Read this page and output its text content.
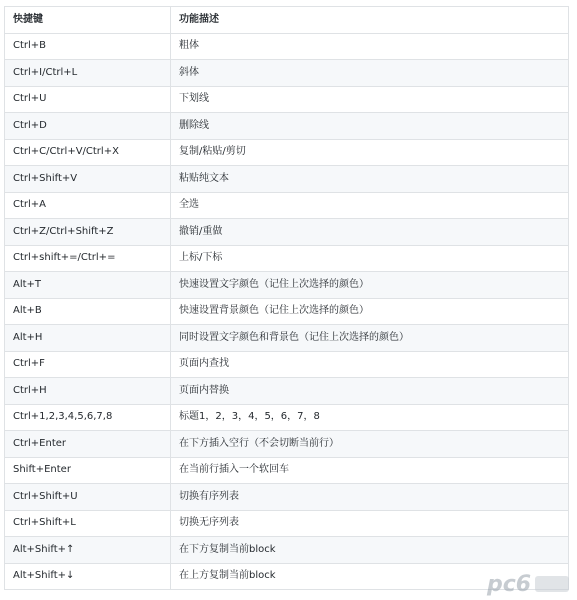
快捷键	功能描述
Ctrl+B	粗体
Ctrl+I/Ctrl+L	斜体
Ctrl+U	下划线
Ctrl+D	删除线
Ctrl+C/Ctrl+V/Ctrl+X	复制/粘贴/剪切
Ctrl+Shift+V	粘贴纯文本
Ctrl+A	全选
Ctrl+Z/Ctrl+Shift+Z	撤销/重做
Ctrl+shift+=/Ctrl+=	上标/下标
Alt+T	快速设置文字颜色（记住上次选择的颜色）
Alt+B	快速设置背景颜色（记住上次选择的颜色）
Alt+H	同时设置文字颜色和背景色（记住上次选择的颜色）
Ctrl+F	页面内查找
Ctrl+H	页面内替换
Ctrl+1,2,3,4,5,6,7,8	标题1，2，3，4，5，6，7，8
Ctrl+Enter	在下方插入空行（不会切断当前行）
Shift+Enter	在当前行插入一个软回车
Ctrl+Shift+U	切换有序列表
Ctrl+Shift+L	切换无序列表
Alt+Shift+↑	在下方复制当前block
Alt+Shift+↓	在上方复制当前block	pc6
